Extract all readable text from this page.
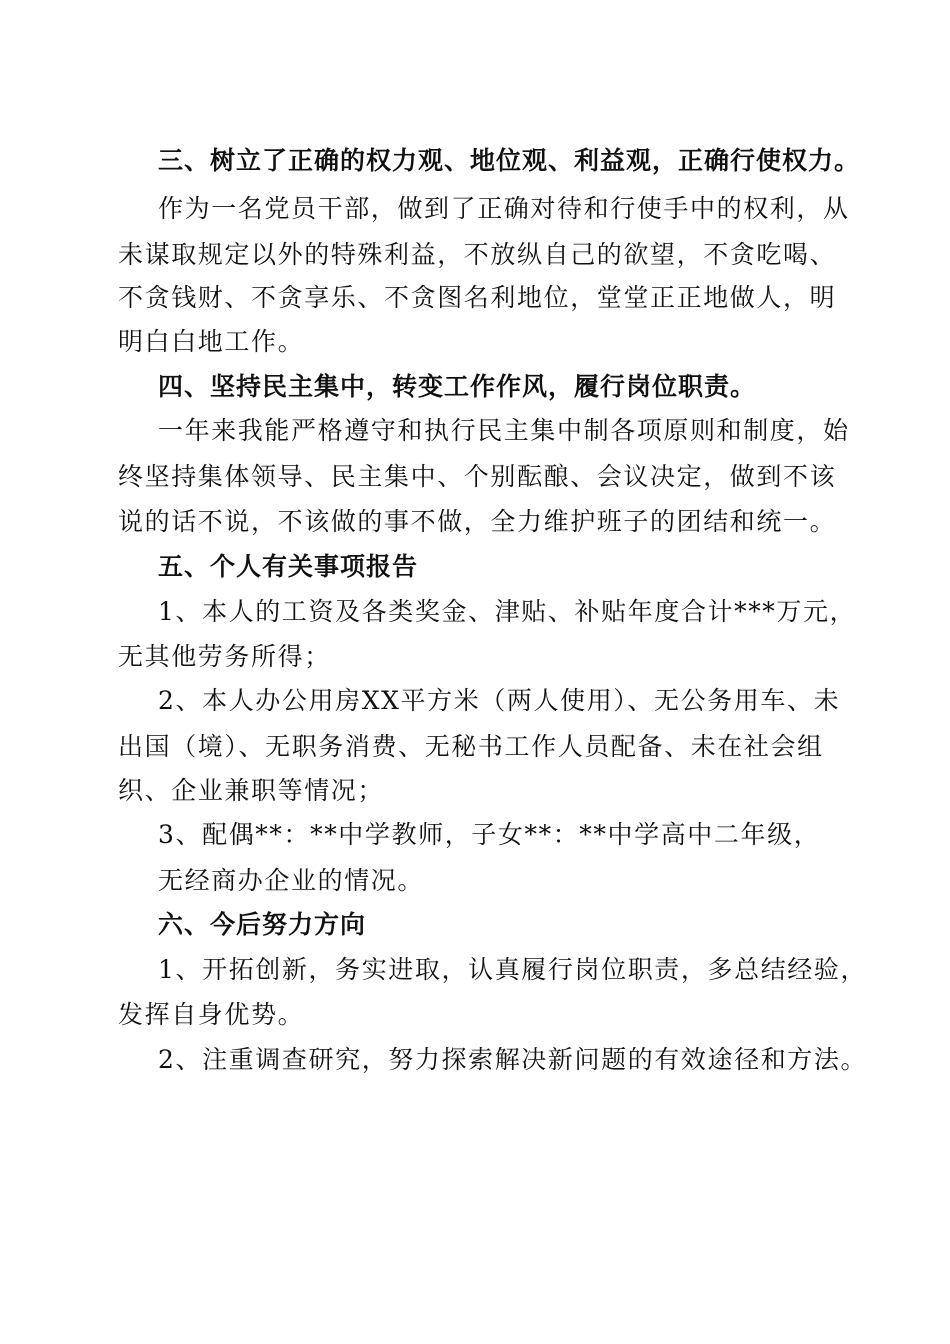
三、树立了正确的权力观、地位观、利益观，正确行使权力。
作为一名党员干部，做到了正确对待和行使手中的权利，从
未谋取规定以外的特殊利益，不放纵自己的欲望，不贪吃喝、
不贪钱财、不贪享乐、不贪图名利地位，堂堂正正地做人，明
明白白地工作。
四、坚持民主集中，转变工作作风，履行岗位职责。
一年来我能严格遵守和执行民主集中制各项原则和制度，始
终坚持集体领导、民主集中、个别酝酿、会议决定，做到不该
说的话不说，不该做的事不做，全力维护班子的团结和统一。
五、个人有关事项报告
1、本人的工资及各类奖金、津贴、补贴年度合计***万元，
无其他劳务所得；
2、本人办公用房XX平方米（两人使用）、无公务用车、未
出国（境）、无职务消费、无秘书工作人员配备、未在社会组
织、企业兼职等情况；
3、配偶**：**中学教师，子女**：**中学高中二年级，
无经商办企业的情况。
六、今后努力方向
1、开拓创新，务实进取，认真履行岗位职责，多总结经验，
发挥自身优势。
2、注重调查研究，努力探索解决新问题的有效途径和方法。
